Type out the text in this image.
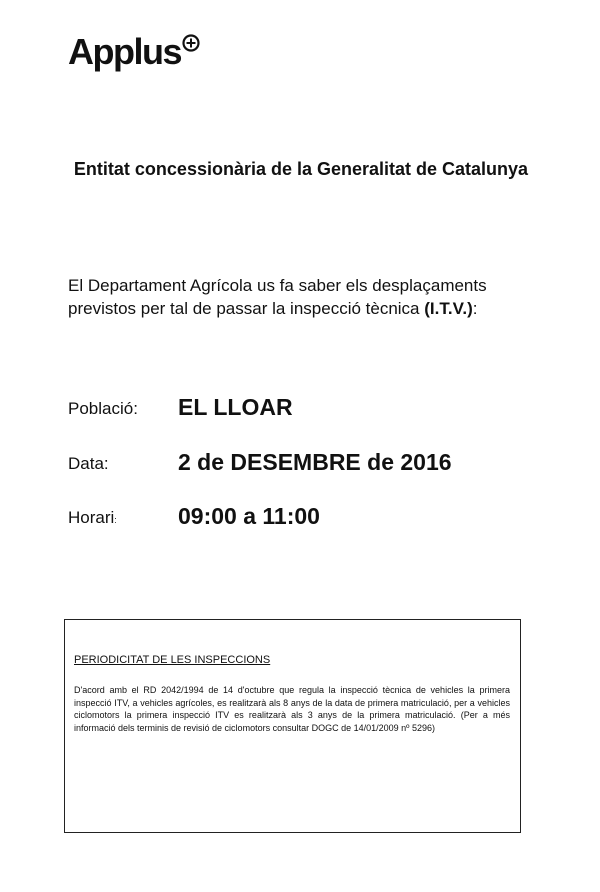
Applus
Entitat concessionària de la Generalitat de Catalunya

El Departament Agrícola us fa saber els desplaçaments previstos per tal de passar la inspecció tècnica (I.T.V.):

Població: EL LLOAR
Data:	2 de DESEMBRE de 2016
Horari:	09:00 a 11:00

PERIODICITAT DE LES INSPECCIONS

D'acord amb el RD 2042/1994 de 14 d'octubre que regula la inspecció tècnica de vehicles la primera inspecció ITV, a vehicles agrícoles, es realitzarà als 8 anys de la data de primera matriculació, per a vehicles ciclomotors la primera inspecció ITV es realitzarà als 3 anys de la primera matriculació. (Per a més informació dels terminis de revisió de ciclomotors consultar DOGC de 14/01/2009 nº 5296)
